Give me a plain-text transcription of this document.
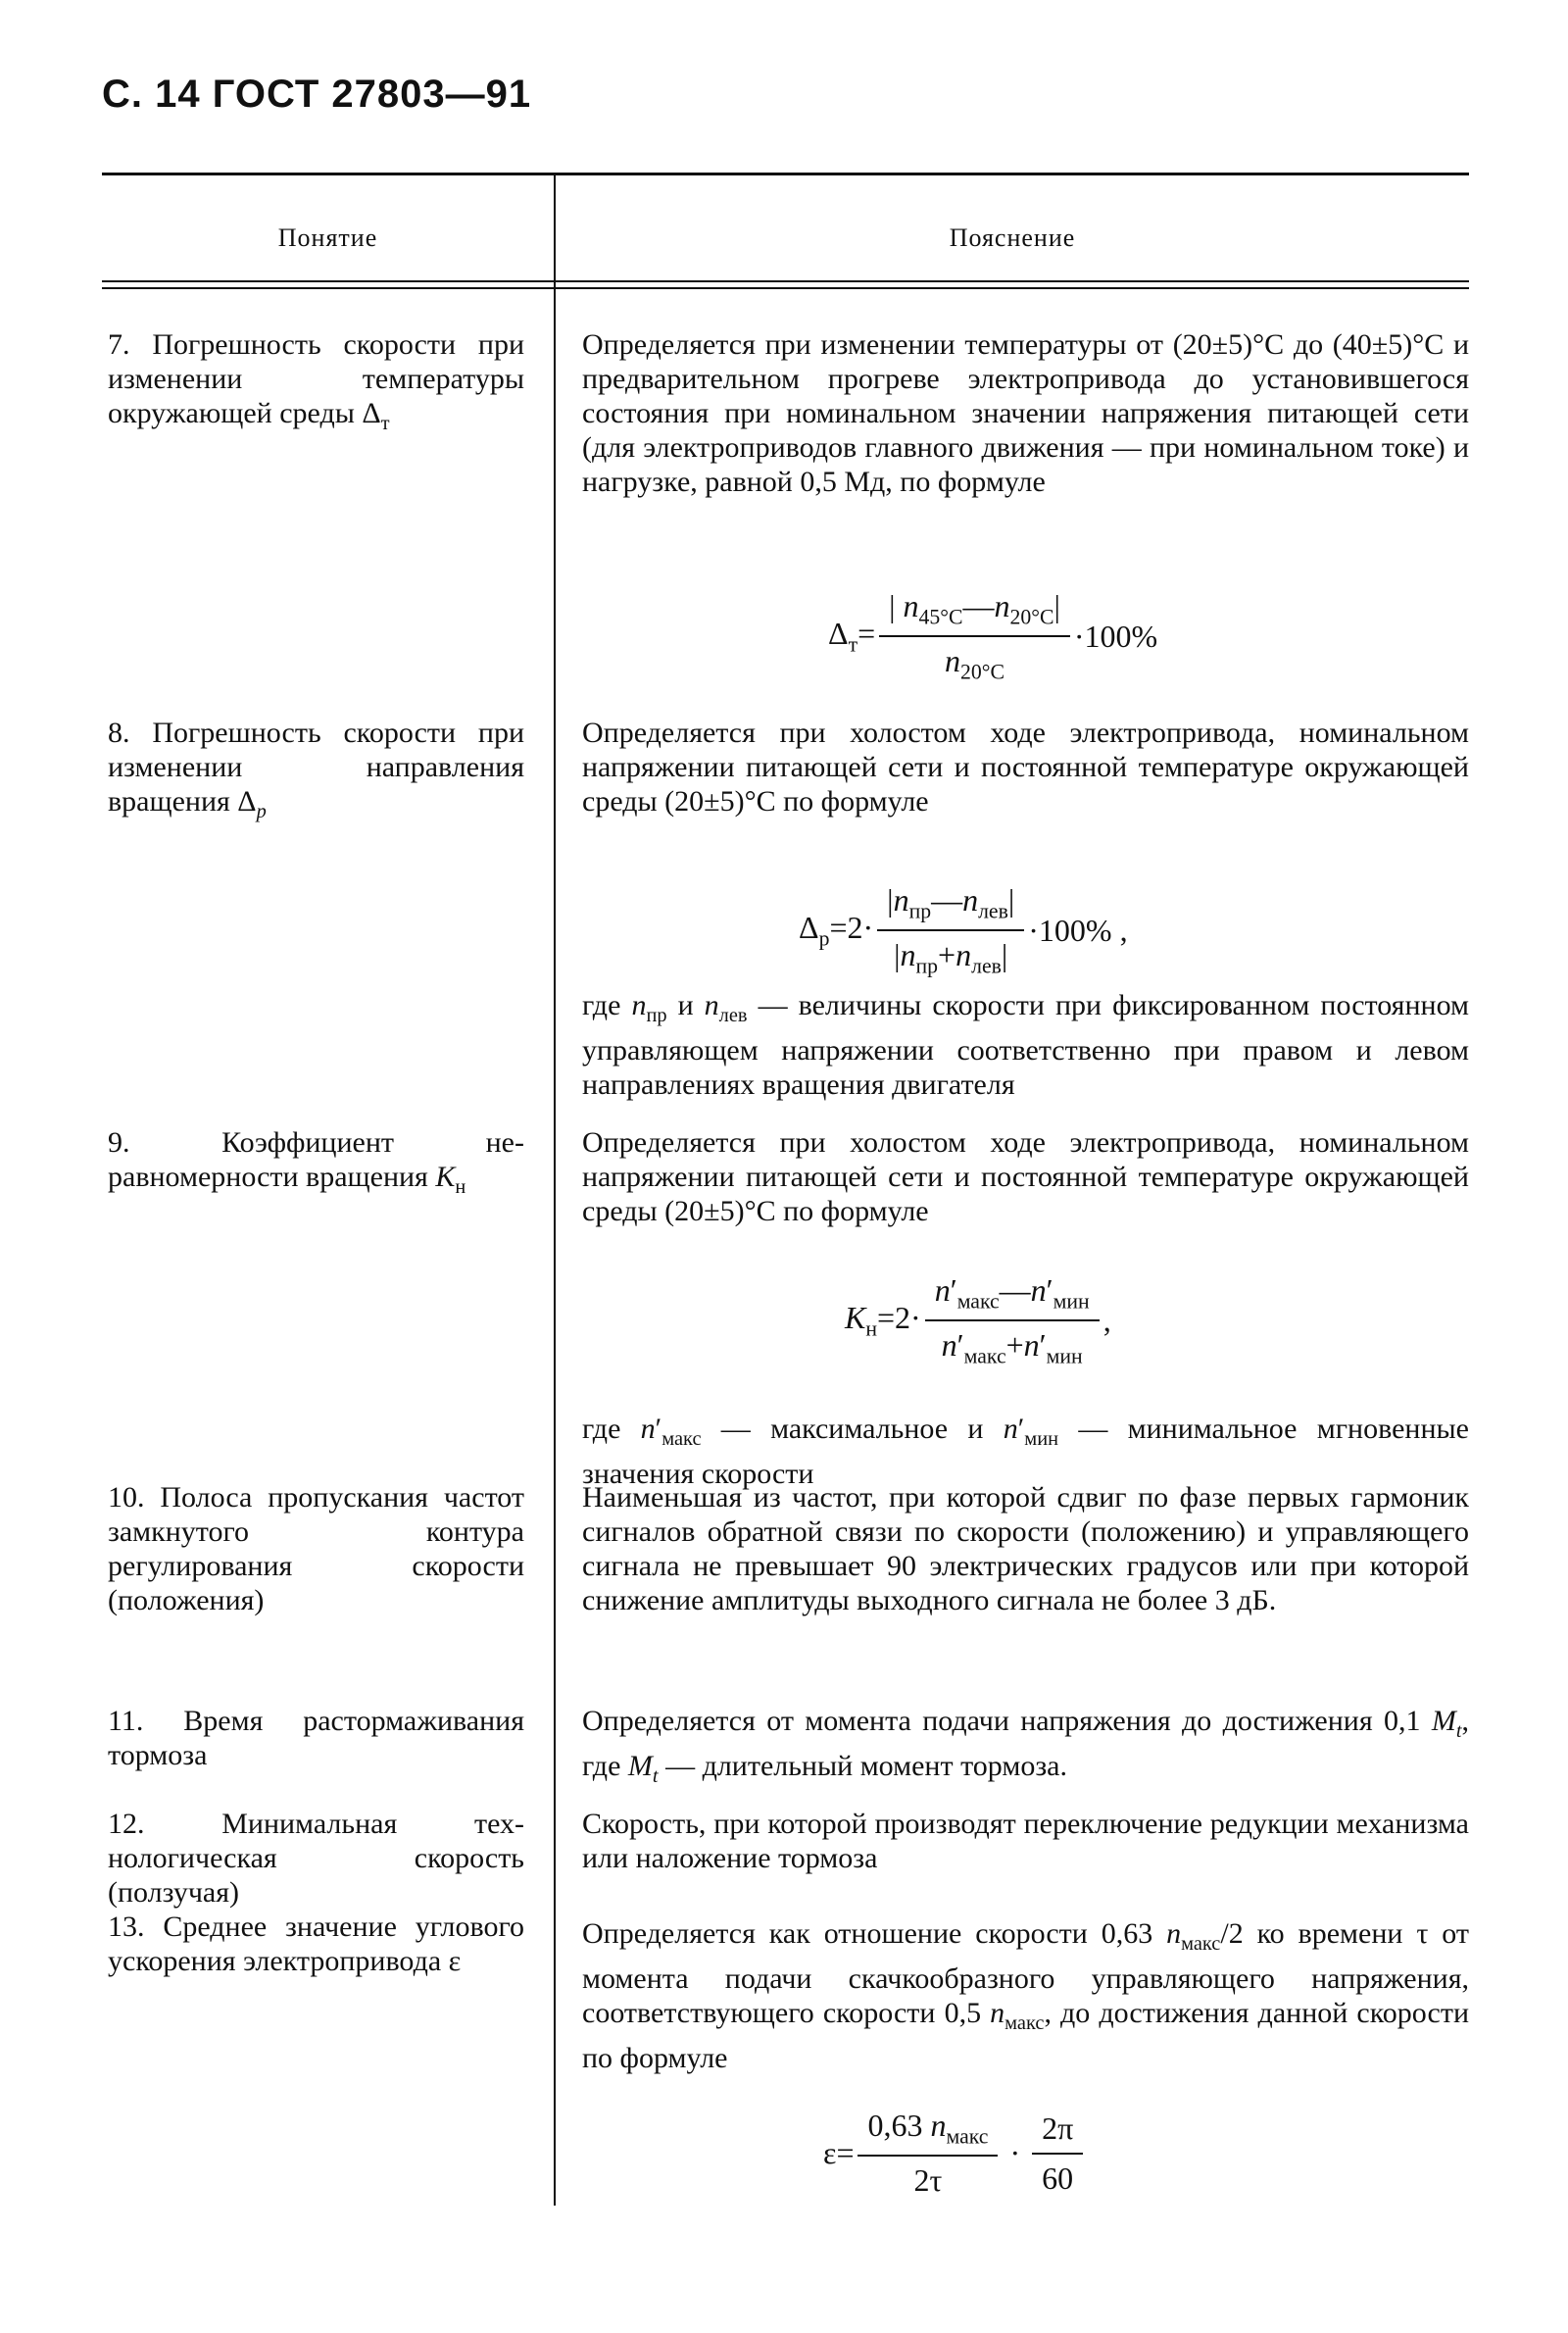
С. 14 ГОСТ 27803—91
Понятие	Пояснение
7. Погрешность скорости при изменении температуры окружающей среды $\Delta_т$
Определяется при изменении температуры от (20±5)°С до (40±5)°С и предварительном прогреве электропривода до установившегося состояния при номинальном значении напряжения питающей сети (для электроприводов главного движения — при номинальном токе) и нагрузке, равной 0,5 Mд, по формуле
$\Delta_т= \frac{| n_{45^\circ С}—n_{20^\circ С}|}{n_{20^\circ С}} \cdot 100\%$
8. Погрешность скорости при изменении направления вращения $\Delta_р$
Определяется при холостом ходе электропривода, номинальном напряжении питающей сети и постоянной температуре окружающей среды (20±5)°С по формуле
$\Delta_р=2\cdot \frac{|n_{пр}—n_{лев}|}{|n_{пр}+n_{лев}|} \cdot 100\%$ ,
где $n_{пр}$ и $n_{лев}$ — величины скорости при фиксированном постоянном управляющем напряжении соответственно при правом и левом направлениях вращения двигателя
9. Коэффициент неравномерности вращения $K_н$
Определяется при холостом ходе электропривода, номинальном напряжении питающей сети и постоянной температуре окружающей среды (20±5)°С по формуле
$K_н=2\cdot \frac{n'_{макс}—n'_{мин}}{n'_{макс}+n'_{мин}}$ ,
где $n'_{макс}$ — максимальное и $n'_{мин}$ — минимальное мгновенные значения скорости
10. Полоса пропускания частот замкнутого контура регулирования скорости (положения)
Наименьшая из частот, при которой сдвиг по фазе первых гармоник сигналов обратной связи по скорости (положению) и управляющего сигнала не превышает 90 электрических градусов или при которой снижение амплитуды выходного сигнала не более 3 дБ.
11. Время растормаживания тормоза
Определяется от момента подачи напряжения до достижения 0,1 $M_t$, где $M_t$ — длительный момент тормоза.
12. Минимальная технологическая скорость (ползучая)
Скорость, при которой производят переключение редукции механизма или наложение тормоза
13. Среднее значение углового ускорения электропривода ε
Определяется как отношение скорости 0,63 $n_{макс}/2$ ко времени τ от момента подачи скачкообразного управляющего напряжения, соответствующего скорости 0,5 $n_{макс}$, до достижения данной скорости по формуле
$\varepsilon= \frac{0,63 n_{макс}}{2\tau} \cdot \frac{2\pi}{60}$
